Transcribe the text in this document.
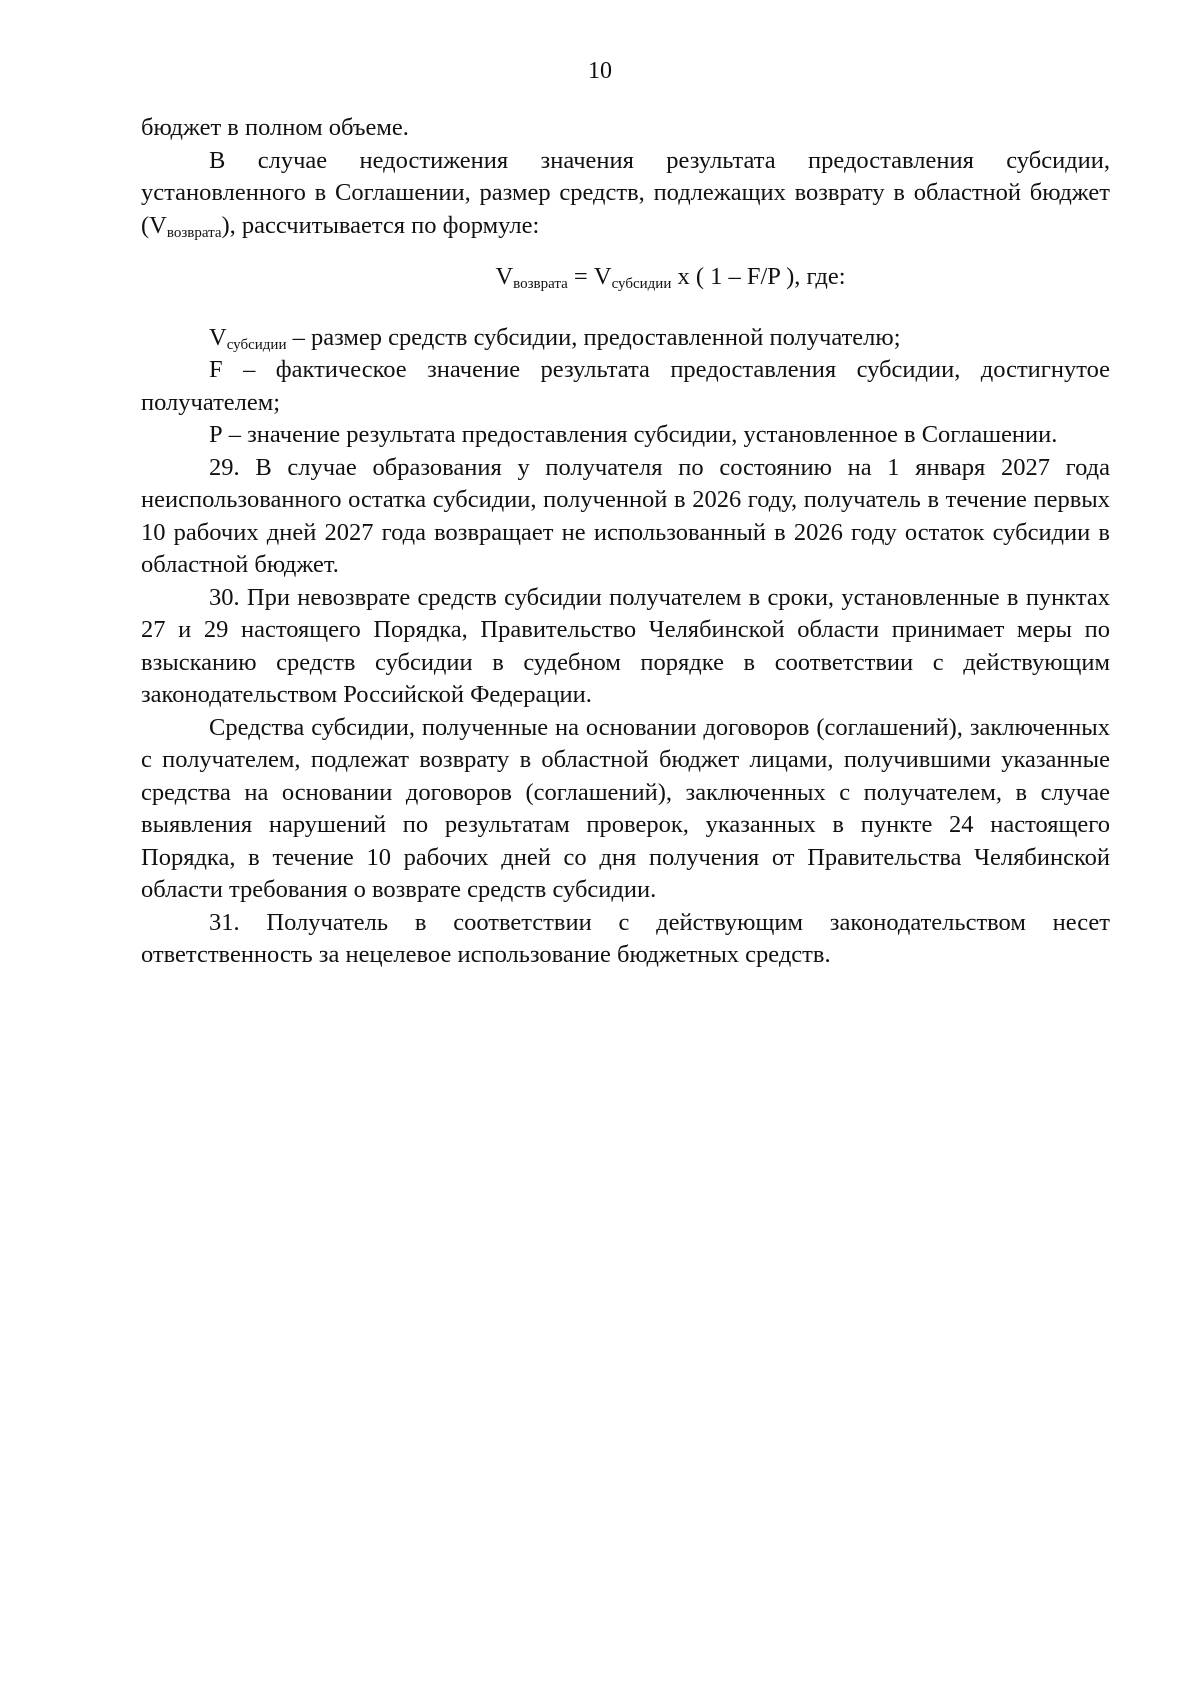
10

бюджет в полном объеме.

В случае недостижения значения результата предоставления субсидии, установленного в Соглашении, размер средств, подлежащих возврату в областной бюджет $(V_{возврата})$, рассчитывается по формуле:

$V_{возврата} = V_{субсидии}$ x ( 1 – F/P ), где:

$V_{субсидии}$ – размер средств субсидии, предоставленной получателю;

F – фактическое значение результата предоставления субсидии, достигнутое получателем;

Р – значение результата предоставления субсидии, установленное в Соглашении.

29. В случае образования у получателя по состоянию на 1 января 2027 года неиспользованного остатка субсидии, полученной в 2026 году, получатель в течение первых 10 рабочих дней 2027 года возвращает не использованный в 2026 году остаток субсидии в областной бюджет.

30. При невозврате средств субсидии получателем в сроки, установленные в пунктах 27 и 29 настоящего Порядка, Правительство Челябинской области принимает меры по взысканию средств субсидии в судебном порядке в соответствии с действующим законодательством Российской Федерации.

Средства субсидии, полученные на основании договоров (соглашений), заключенных с получателем, подлежат возврату в областной бюджет лицами, получившими указанные средства на основании договоров (соглашений), заключенных с получателем, в случае выявления нарушений по результатам проверок, указанных в пункте 24 настоящего Порядка, в течение 10 рабочих дней со дня получения от Правительства Челябинской области требования о возврате средств субсидии.

31. Получатель в соответствии с действующим законодательством несет ответственность за нецелевое использование бюджетных средств.
